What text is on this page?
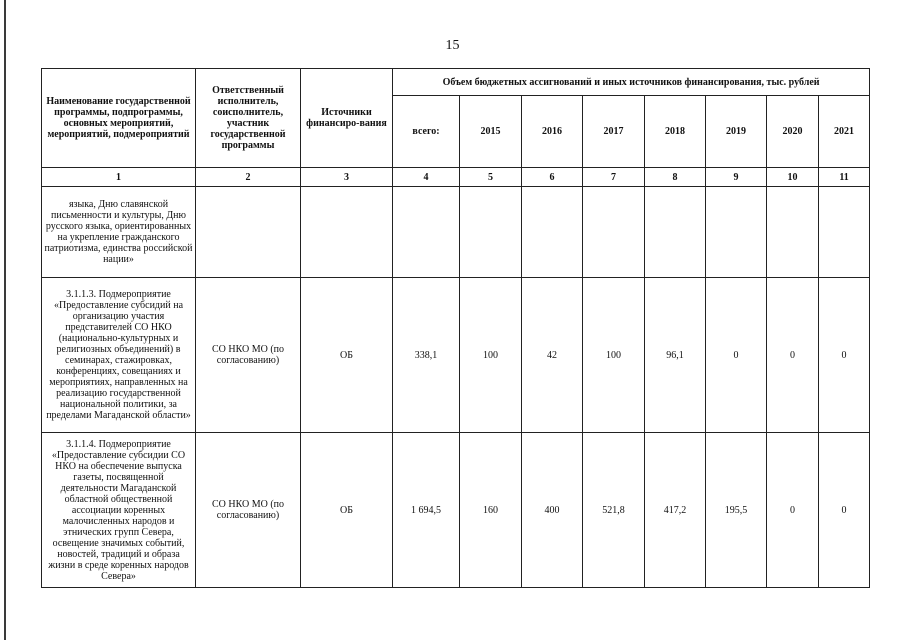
15
Наименование государственной программы, подпрограммы, основных мероприятий, мероприятий, подмероприятий	Ответственный исполнитель, соисполнитель, участник государственной программы	Источники финансиро-вания	Объем бюджетных ассигнований и иных источников финансирования, тыс. рублей							
			всего:	2015	2016	2017	2018	2019	2020	2021
1	2	3	4	5	6	7	8	9	10	11
языка, Дню славянской письменности и культуры, Дню русского языка, ориентированных на укрепление гражданского патриотизма, единства российской нации»										
3.1.1.3. Подмероприятие «Предоставление субсидий на организацию участия представителей СО НКО (национально-культурных и религиозных объединений) в семинарах, стажировках, конференциях, совещаниях и мероприятиях, направленных на реализацию государственной национальной политики, за пределами Магаданской области»	СО НКО МО (по согласованию)	ОБ	338,1	100	42	100	96,1	0	0	0
3.1.1.4. Подмероприятие «Предоставление субсидии СО НКО на обеспечение выпуска газеты, посвященной деятельности Магаданской областной общественной ассоциации коренных малочисленных народов и этнических групп Севера, освещение значимых событий, новостей, традиций и образа жизни в среде коренных народов Севера»	СО НКО МО (по согласованию)	ОБ	1 694,5	160	400	521,8	417,2	195,5	0	0
